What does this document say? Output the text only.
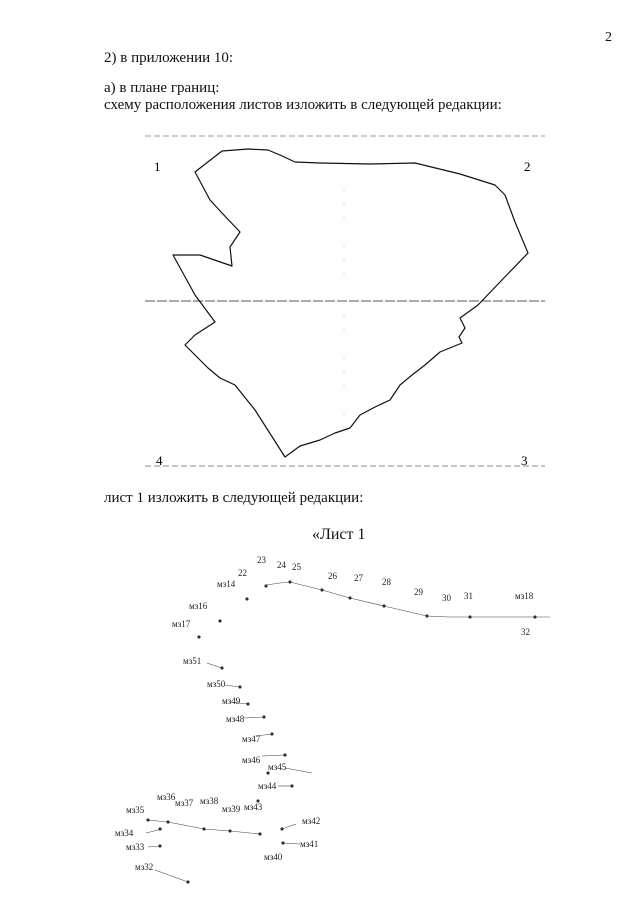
2
2) в приложении 10:
а) в плане границ:
схему расположения листов изложить в следующей редакции:
1	2
3
4
22
23 24 25
26 27 28
29
30 31	мз18
32
мз14
мз16
мз17
мз51
мз50
мз49
мз48
мз47
мз46
мз45
мз44
мз43
мз42
мз41
мз40
мз39
мз38
мз37
мз36
мз35
мз34
мз33
мз32
лист 1 изложить в следующей редакции:
«Лист 1
